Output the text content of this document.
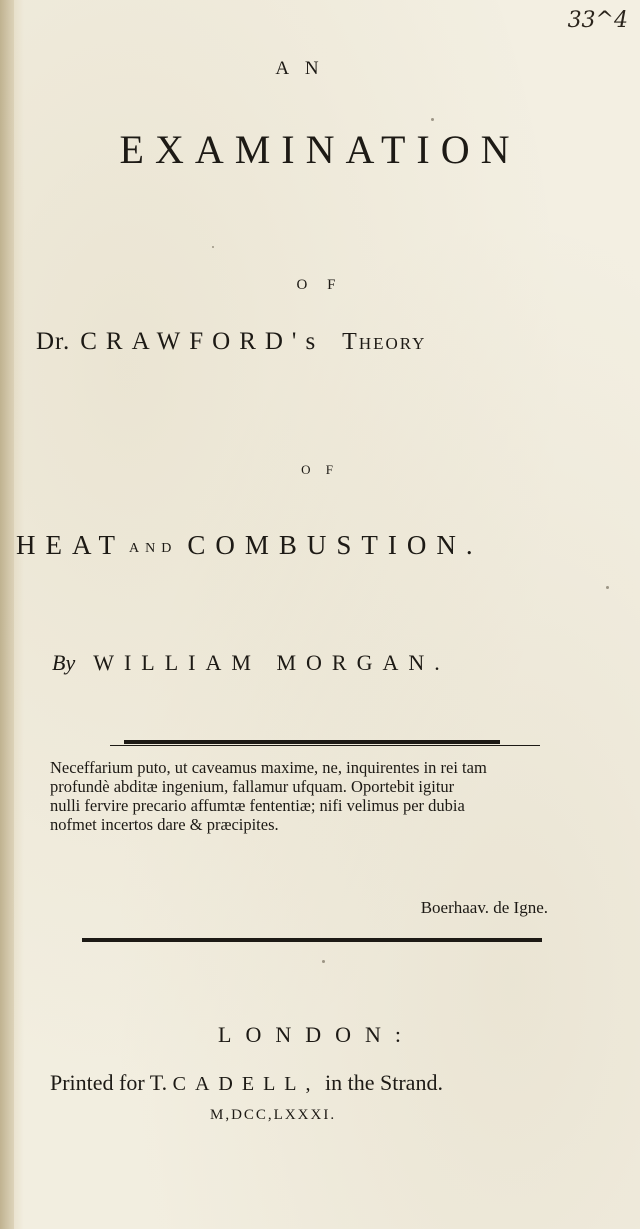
33^4
A N
EXAMINATION
O F
Dr. CRAWFORD's Theory
O F
HEAT AND COMBUSTION.
By WILLIAM MORGAN.

Neceffarium puto, ut caveamus maxime, ne, inquirentes in rei tam

profundè abditæ ingenium, fallamur ufquam. Oportebit igitur

nulli fervire precario affumtæ fententiæ; nifi velimus per dubia

nofmet incertos dare & præcipites.

Boerhaav. de Igne.
LONDON:
Printed for T. CADELL, in the Strand.
M,DCC,LXXXI.
